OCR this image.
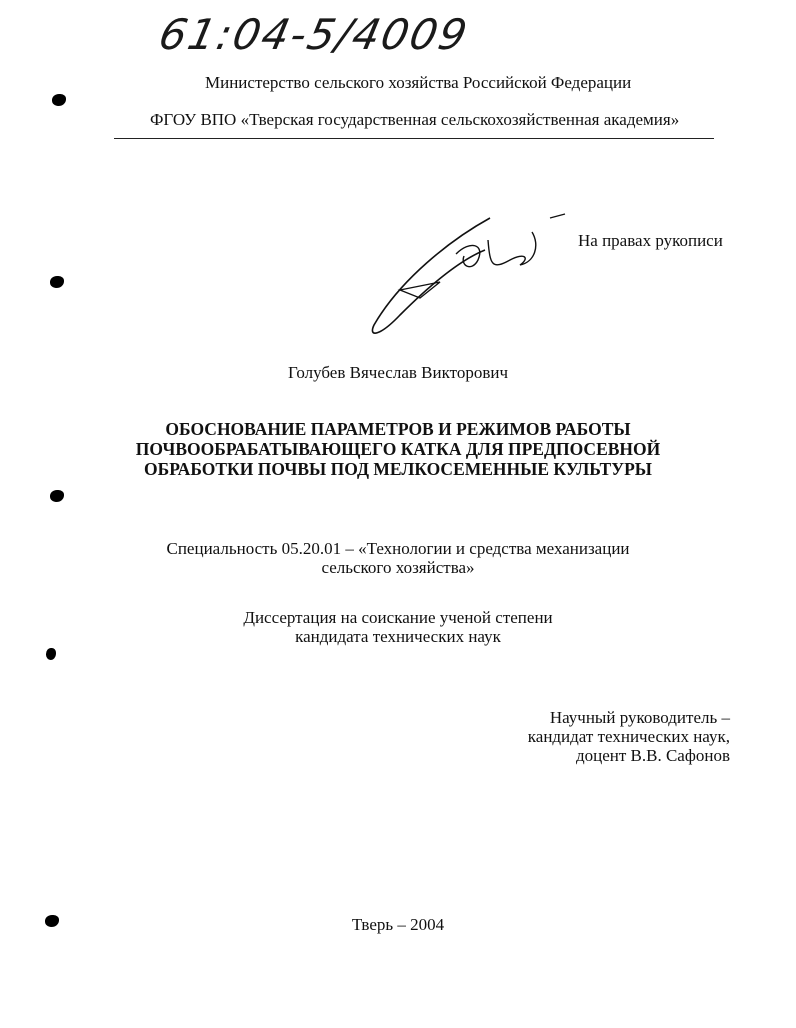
61:04-5/4009
Министерство сельского хозяйства Российской Федерации
ФГОУ ВПО «Тверская государственная сельскохозяйственная академия»
На правах рукописи
Голубев Вячеслав Викторович
ОБОСНОВАНИЕ ПАРАМЕТРОВ И РЕЖИМОВ РАБОТЫ
ПОЧВООБРАБАТЫВАЮЩЕГО КАТКА ДЛЯ ПРЕДПОСЕВНОЙ
ОБРАБОТКИ ПОЧВЫ ПОД МЕЛКОСЕМЕННЫЕ КУЛЬТУРЫ
Специальность 05.20.01 – «Технологии и средства механизации
сельского хозяйства»
Диссертация на соискание ученой степени
кандидата технических наук
Научный руководитель –
кандидат технических наук,
доцент В.В. Сафонов
Тверь – 2004
